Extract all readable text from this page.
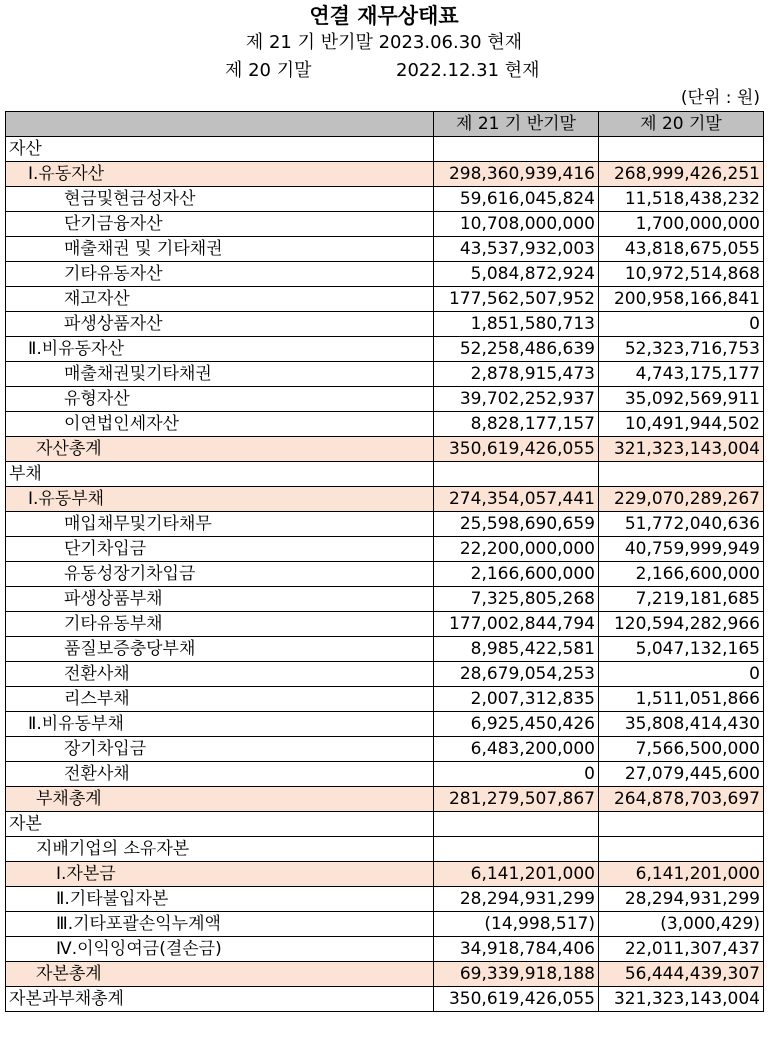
연결 재무상태표
제 21 기 반기말 2023.06.30 현재
제 20 기말	2022.12.31 현재
(단위 : 원)
	제 21 기 반기말	제 20 기말
자산		
Ⅰ.유동자산	298,360,939,416	268,999,426,251
현금및현금성자산	59,616,045,824	11,518,438,232
단기금융자산	10,708,000,000	1,700,000,000
매출채권 및 기타채권	43,537,932,003	43,818,675,055
기타유동자산	5,084,872,924	10,972,514,868
재고자산	177,562,507,952	200,958,166,841
파생상품자산	1,851,580,713	0
Ⅱ.비유동자산	52,258,486,639	52,323,716,753
매출채권및기타채권	2,878,915,473	4,743,175,177
유형자산	39,702,252,937	35,092,569,911
이연법인세자산	8,828,177,157	10,491,944,502
자산총계	350,619,426,055	321,323,143,004
부채		
Ⅰ.유동부채	274,354,057,441	229,070,289,267
매입채무및기타채무	25,598,690,659	51,772,040,636
단기차입금	22,200,000,000	40,759,999,949
유동성장기차입금	2,166,600,000	2,166,600,000
파생상품부채	7,325,805,268	7,219,181,685
기타유동부채	177,002,844,794	120,594,282,966
품질보증충당부채	8,985,422,581	5,047,132,165
전환사채	28,679,054,253	0
리스부채	2,007,312,835	1,511,051,866
Ⅱ.비유동부채	6,925,450,426	35,808,414,430
장기차입금	6,483,200,000	7,566,500,000
전환사채	0	27,079,445,600
부채총계	281,279,507,867	264,878,703,697
자본		
지배기업의 소유자본		
Ⅰ.자본금	6,141,201,000	6,141,201,000
Ⅱ.기타불입자본	28,294,931,299	28,294,931,299
Ⅲ.기타포괄손익누계액	(14,998,517)	(3,000,429)
Ⅳ.이익잉여금(결손금)	34,918,784,406	22,011,307,437
자본총계	69,339,918,188	56,444,439,307
자본과부채총계	350,619,426,055	321,323,143,004
